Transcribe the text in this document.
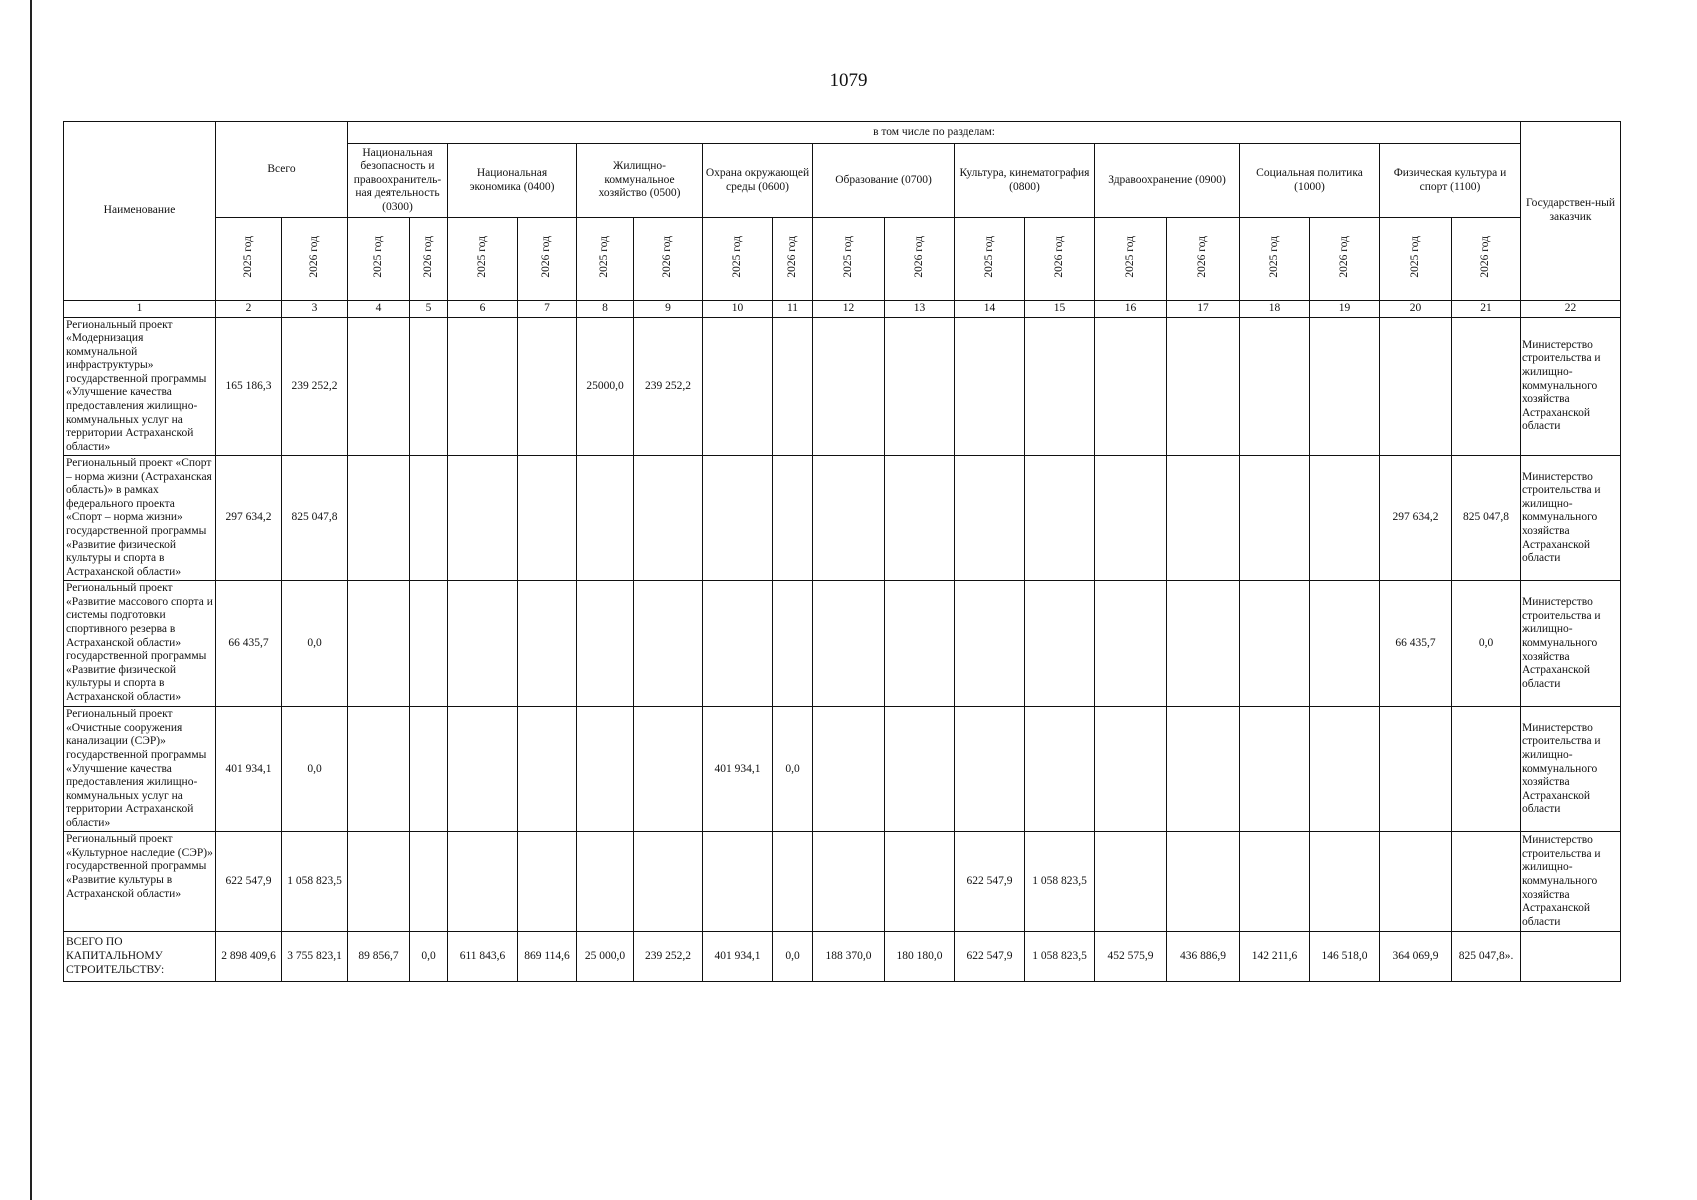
1079
Наименование	Всего		в том числе по разделам:																		Государствен-ный заказчик
			Национальная безопасность и правоохранитель-ная деятельность (0300)		Национальная экономика (0400)		Жилищно-коммунальное хозяйство (0500)		Охрана окружающей среды (0600)		Образование (0700)		Культура, кинематография (0800)		Здравоохранение (0900)		Социальная политика (1000)		Физическая культура и спорт (1100)		
	2025 год	2026 год	2025 год	2026 год	2025 год	2026 год	2025 год	2026 год	2025 год	2026 год	2025 год	2026 год	2025 год	2026 год	2025 год	2026 год	2025 год	2026 год	2025 год	2026 год	
1	2	3	4	5	6	7	8	9	10	11	12	13	14	15	16	17	18	19	20	21	22
Региональный проект «Модернизация коммунальной инфраструктуры» государственной программы «Улучшение качества предоставления жилищно-коммунальных услуг на территории Астраханской области»	165 186,3	239 252,2					25000,0	239 252,2													Министерство строительства и жилищно-коммунального хозяйства Астраханской области
Региональный проект «Спорт – норма жизни (Астраханская область)» в рамках федерального проекта «Спорт – норма жизни» государственной программы «Развитие физической культуры и спорта в Астраханской области»	297 634,2	825 047,8																	297 634,2	825 047,8	Министерство строительства и жилищно-коммунального хозяйства Астраханской области
Региональный проект «Развитие массового спорта и системы подготовки спортивного резерва в Астраханской области» государственной программы «Развитие физической культуры и спорта в Астраханской области»	66 435,7	0,0																	66 435,7	0,0	Министерство строительства и жилищно-коммунального хозяйства Астраханской области
Региональный проект «Очистные сооружения канализации (СЭР)» государственной программы «Улучшение качества предоставления жилищно-коммунальных услуг на территории Астраханской области»	401 934,1	0,0							401 934,1	0,0											Министерство строительства и жилищно-коммунального хозяйства Астраханской области
Региональный проект «Культурное наследие (СЭР)» государственной программы «Развитие культуры в Астраханской области»	622 547,9	1 058 823,5											622 547,9	1 058 823,5							Министерство строительства и жилищно-коммунального хозяйства Астраханской области
ВСЕГО ПО КАПИТАЛЬНОМУ СТРОИТЕЛЬСТВУ:	2 898 409,6	3 755 823,1	89 856,7	0,0	611 843,6	869 114,6	25 000,0	239 252,2	401 934,1	0,0	188 370,0	180 180,0	622 547,9	1 058 823,5	452 575,9	436 886,9	142 211,6	146 518,0	364 069,9	825 047,8».	
